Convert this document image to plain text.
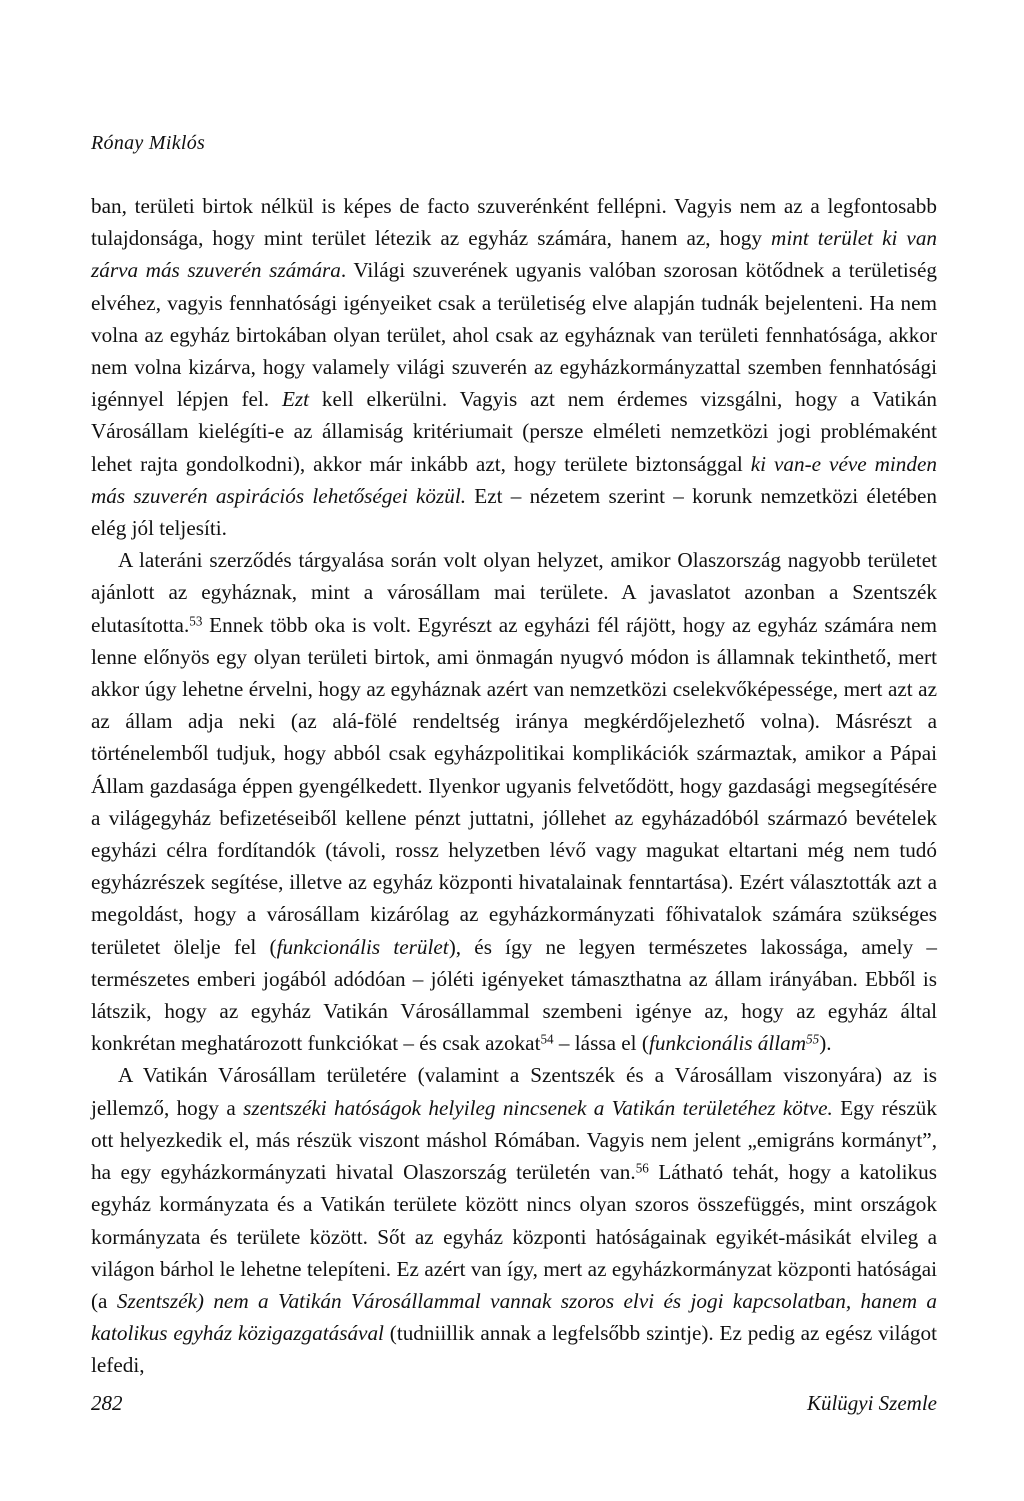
Rónay Miklós

ban, területi birtok nélkül is képes de facto szuverénként fellépni. Vagyis nem az a legfontosabb tulajdonsága, hogy mint terület létezik az egyház számára, hanem az, hogy mint terület ki van zárva más szuverén számára. Világi szuverének ugyanis valóban szorosan kötődnek a területiség elvéhez, vagyis fennhatósági igényeiket csak a területiség elve alapján tudnák bejelenteni. Ha nem volna az egyház birtokában olyan terület, ahol csak az egyháznak van területi fennhatósága, akkor nem volna kizárva, hogy valamely világi szuverén az egyházkormányzattal szemben fennhatósági igénnyel lépjen fel. Ezt kell elkerülni. Vagyis azt nem érdemes vizsgálni, hogy a Vatikán Városállam kielégíti-e az államiság kritériumait (persze elméleti nemzetközi jogi problémaként lehet rajta gondolkodni), akkor már inkább azt, hogy területe biztonsággal ki van-e véve minden más szuverén aspirációs lehetőségei közül. Ezt – nézetem szerint – korunk nemzetközi életében elég jól teljesíti.

A lateráni szerződés tárgyalása során volt olyan helyzet, amikor Olaszország nagyobb területet ajánlott az egyháznak, mint a városállam mai területe. A javaslatot azonban a Szentszék elutasította.$^{53}$ Ennek több oka is volt. Egyrészt az egyházi fél rájött, hogy az egyház számára nem lenne előnyös egy olyan területi birtok, ami önmagán nyugvó módon is államnak tekinthető, mert akkor úgy lehetne érvelni, hogy az egyháznak azért van nemzetközi cselekvőképessége, mert azt az az állam adja neki (az alá-fölé rendeltség iránya megkérdőjelezhető volna). Másrészt a történelemből tudjuk, hogy abból csak egyházpolitikai komplikációk származtak, amikor a Pápai Állam gazdasága éppen gyengélkedett. Ilyenkor ugyanis felvetődött, hogy gazdasági megsegítésére a világegyház befizetéseiből kellene pénzt juttatni, jóllehet az egyházadóból származó bevételek egyházi célra fordítandók (távoli, rossz helyzetben lévő vagy magukat eltartani még nem tudó egyházrészek segítése, illetve az egyház központi hivatalainak fenntartása). Ezért választották azt a megoldást, hogy a városállam kizárólag az egyházkormányzati főhivatalok számára szükséges területet ölelje fel (funkcionális terület), és így ne legyen természetes lakossága, amely – természetes emberi jogából adódóan – jóléti igényeket támaszthatna az állam irányában. Ebből is látszik, hogy az egyház Vatikán Városállammal szembeni igénye az, hogy az egyház által konkrétan meghatározott funkciókat – és csak azokat$^{54}$ – lássa el (funkcionális állam$^{55}$).

A Vatikán Városállam területére (valamint a Szentszék és a Városállam viszonyára) az is jellemző, hogy a szentszéki hatóságok helyileg nincsenek a Vatikán területéhez kötve. Egy részük ott helyezkedik el, más részük viszont máshol Rómában. Vagyis nem jelent „emigráns kormányt”, ha egy egyházkormányzati hivatal Olaszország területén van.$^{56}$ Látható tehát, hogy a katolikus egyház kormányzata és a Vatikán területe között nincs olyan szoros összefüggés, mint országok kormányzata és területe között. Sőt az egyház központi hatóságainak egyikét-másikát elvileg a világon bárhol le lehetne telepíteni. Ez azért van így, mert az egyházkormányzat központi hatóságai (a Szentszék) nem a Vatikán Városállammal vannak szoros elvi és jogi kapcsolatban, hanem a katolikus egyház közigazgatásával (tudniillik annak a legfelsőbb szintje). Ez pedig az egész világot lefedi,

282	Külügyi Szemle
